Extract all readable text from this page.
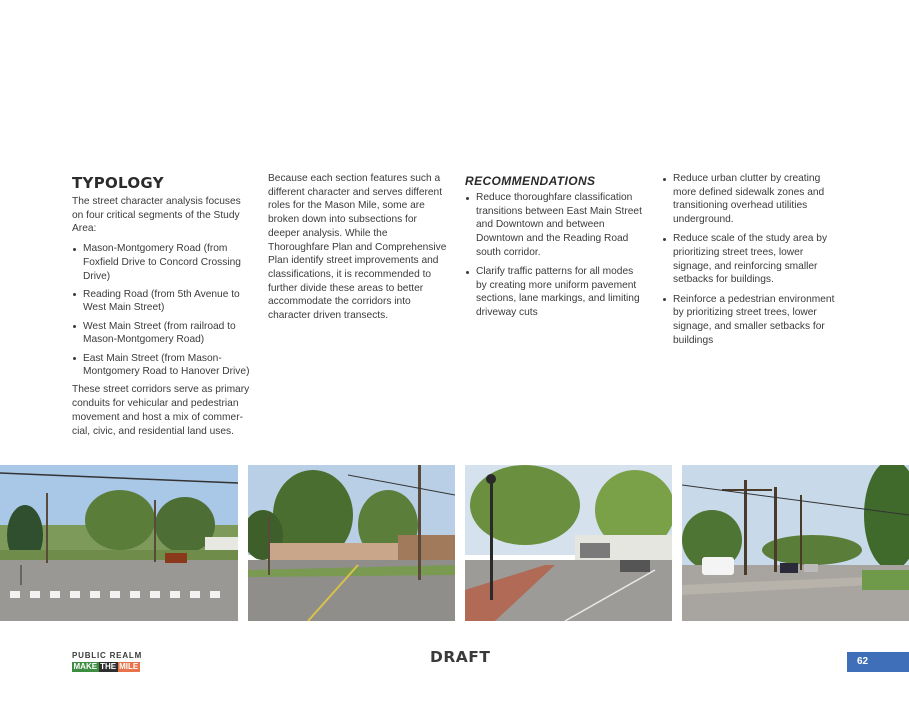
TYPOLOGY

The street character analysis focuses on four critical segments of the Study Area:

Mason-Montgomery Road (from Foxfield Drive to Concord Crossing Drive)
Reading Road (from 5th Avenue to West Main Street)
West Main Street (from railroad to Mason-Montgomery Road)
East Main Street (from Mason-Montgomery Road to Hanover Drive)

These street corridors serve as primary conduits for vehicular and pedestrian movement and host a mix of commer-cial, civic, and residential land uses.

Because each section features such a different character and serves different roles for the Mason Mile, some are broken down into subsections for deeper analysis. While the Thoroughfare Plan and Comprehensive Plan identify street improvements and classifications, it is recommended to further divide these areas to better accommodate the corridors into character driven transects.

RECOMMENDATIONS
Reduce thoroughfare classification transitions between East Main Street and Downtown and between Downtown and the Reading Road south corridor.
Clarify traffic patterns for all modes by creating more uniform pavement sections, lane markings, and limiting driveway cuts
Reduce urban clutter by creating more defined sidewalk zones and transitioning overhead utilities underground.
Reduce scale of the study area by prioritizing street trees, lower signage, and reinforcing smaller setbacks for buildings.
Reinforce a pedestrian environment by prioritizing street trees, lower signage, and smaller setbacks for buildings
PUBLIC REALM
MAKE THE MILE
DRAFT	62
